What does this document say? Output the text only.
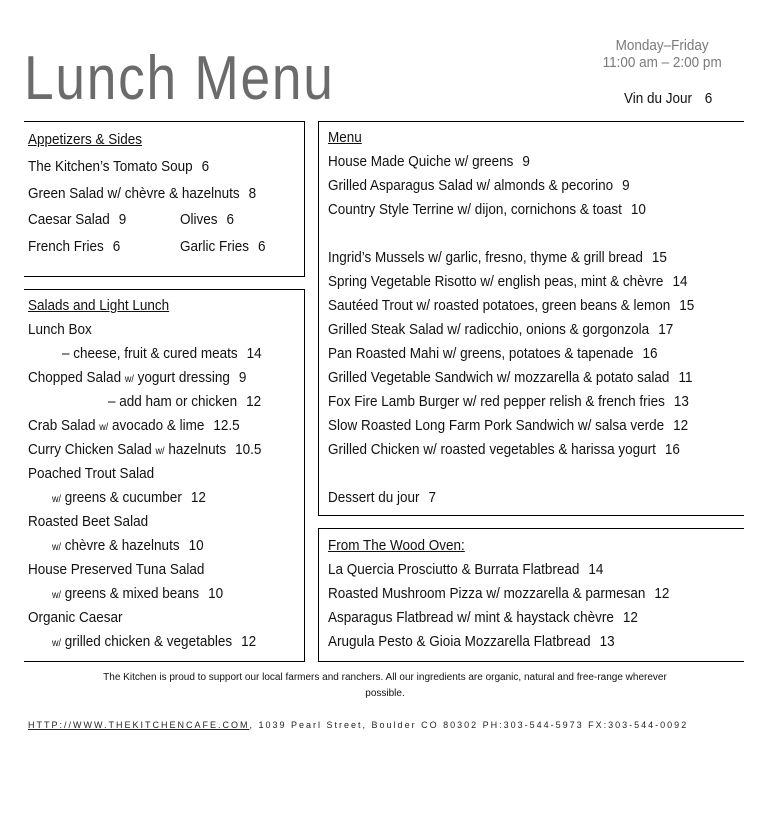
Lunch Menu	Monday–Friday
11:00 am – 2:00 pm
Vin du Jour 6
Appetizers & Sides
The Kitchen’s Tomato Soup 6
Green Salad w/ chèvre & hazelnuts 8
Caesar Salad 9	Olives 6
French Fries 6	Garlic Fries 6
Salads and Light Lunch
Lunch Box
– cheese, fruit & cured meats 14
Chopped Salad w/ yogurt dressing 9
– add ham or chicken 12
Crab Salad w/ avocado & lime 12.5
Curry Chicken Salad w/ hazelnuts 10.5
Poached Trout Salad
w/ greens & cucumber 12
Roasted Beet Salad
w/ chèvre & hazelnuts 10
House Preserved Tuna Salad
w/ greens & mixed beans 10
Organic Caesar
w/ grilled chicken & vegetables 12
Menu
House Made Quiche w/ greens 9
Grilled Asparagus Salad w/ almonds & pecorino 9
Country Style Terrine w/ dijon, cornichons & toast 10
Ingrid’s Mussels w/ garlic, fresno, thyme & grill bread 15
Spring Vegetable Risotto w/ english peas, mint & chèvre 14
Sautéed Trout w/ roasted potatoes, green beans & lemon 15
Grilled Steak Salad w/ radicchio, onions & gorgonzola 17
Pan Roasted Mahi w/ greens, potatoes & tapenade 16
Grilled Vegetable Sandwich w/ mozzarella & potato salad 11
Fox Fire Lamb Burger w/ red pepper relish & french fries 13
Slow Roasted Long Farm Pork Sandwich w/ salsa verde 12
Grilled Chicken w/ roasted vegetables & harissa yogurt 16
Dessert du jour 7
From The Wood Oven:
La Quercia Prosciutto & Burrata Flatbread 14
Roasted Mushroom Pizza w/ mozzarella & parmesan 12
Asparagus Flatbread w/ mint & haystack chèvre 12
Arugula Pesto & Gioia Mozzarella Flatbread 13
The Kitchen is proud to support our local farmers and ranchers. All our ingredients are organic, natural and free-range wherever possible.
HTTP://WWW.THEKITCHENCAFE.COM, 1039 Pearl Street, Boulder CO 80302 PH:303-544-5973 FX:303-544-0092
